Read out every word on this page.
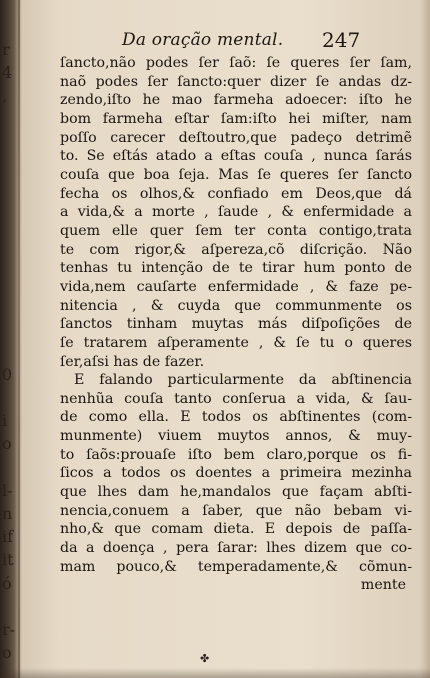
r
4
,
0
i
o
l-
n
if
it
ó
r-
o
Da oração mental. 247
ſancto,não podes ſer ſaõ: ſe queres ſer ſam,
naõ podes ſer ſancto:quer dizer ſe andas dz-
zendo,iſto he mao farmeha adoecer: iſto he
bom farmeha eſtar ſam:iſto hei miſter, nam
poſſo carecer deſtoutro,que padeço detrimẽ
to. Se eſtás atado a eſtas couſa , nunca ſarás
couſa que boa ſeja. Mas ſe queres ſer ſancto
fecha os olhos,& confiado em Deos,que dá
a vida,& a morte , ſaude , & enfermidade a
quem elle quer ſem ter conta contigo,trata
te com rigor,& aſpereza,cõ diſcrição. Não
tenhas tu intenção de te tirar hum ponto de
vida,nem cauſarte enfermidade , & faze pe-
nitencia , & cuyda que communmente os
ſanctos tinham muytas más diſpoſições de
ſe tratarem aſperamente , & ſe tu o queres
ſer,aſsi has de fazer.
E falando particularmente da abſtinencia
nenhũa couſa tanto conſerua a vida, & ſau-
de como ella. E todos os abſtinentes (com-
munmente) viuem muytos annos, & muy-
to ſaõs:prouaſe iſto bem claro,porque os fi-
ſicos a todos os doentes a primeira mezinha
que lhes dam he,mandalos que façam abſti-
nencia,conuem a ſaber, que não bebam vi-
nho,& que comam dieta. E depois de paſſa-
da a doença , pera ſarar: lhes dizem que co-
mam pouco,& temperadamente,& cõmun-
mente
✤
